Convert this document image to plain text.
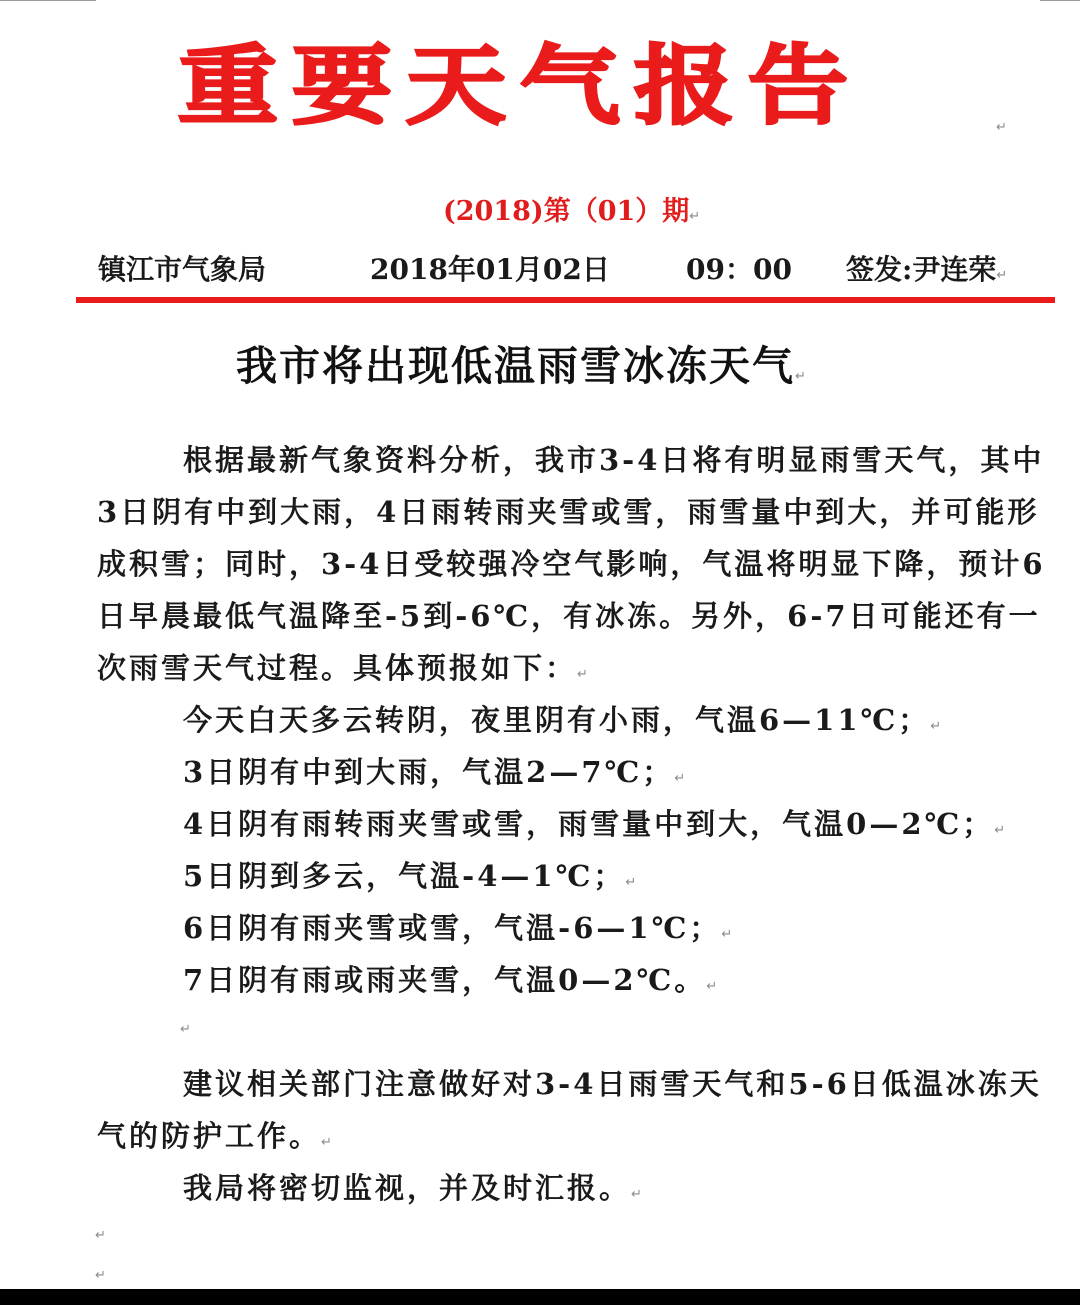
重要天气报告	↵
(2018)第（01）期↵
镇江市气象局	2018年01月02日	09：00 签发:尹连荣↵
我市将出现低温雨雪冰冻天气↵

根据最新气象资料分析，我市3-4日将有明显雨雪天气，其中3日阴有中到大雨，4日雨转雨夹雪或雪，雨雪量中到大，并可能形成积雪；同时，3-4日受较强冷空气影响，气温将明显下降，预计6日早晨最低气温降至-5到-6℃，有冰冻。另外，6-7日可能还有一次雨雪天气过程。具体预报如下：↵

今天白天多云转阴，夜里阴有小雨，气温6—11℃；↵
3日阴有中到大雨，气温2—7℃；↵
4日阴有雨转雨夹雪或雪，雨雪量中到大，气温0—2℃；↵
5日阴到多云，气温-4—1℃；↵
6日阴有雨夹雪或雪，气温-6—1℃；↵
7日阴有雨或雨夹雪，气温0—2℃。↵
↵

建议相关部门注意做好对3-4日雨雪天气和5-6日低温冰冻天气的防护工作。↵

我局将密切监视，并及时汇报。↵

↵
↵
